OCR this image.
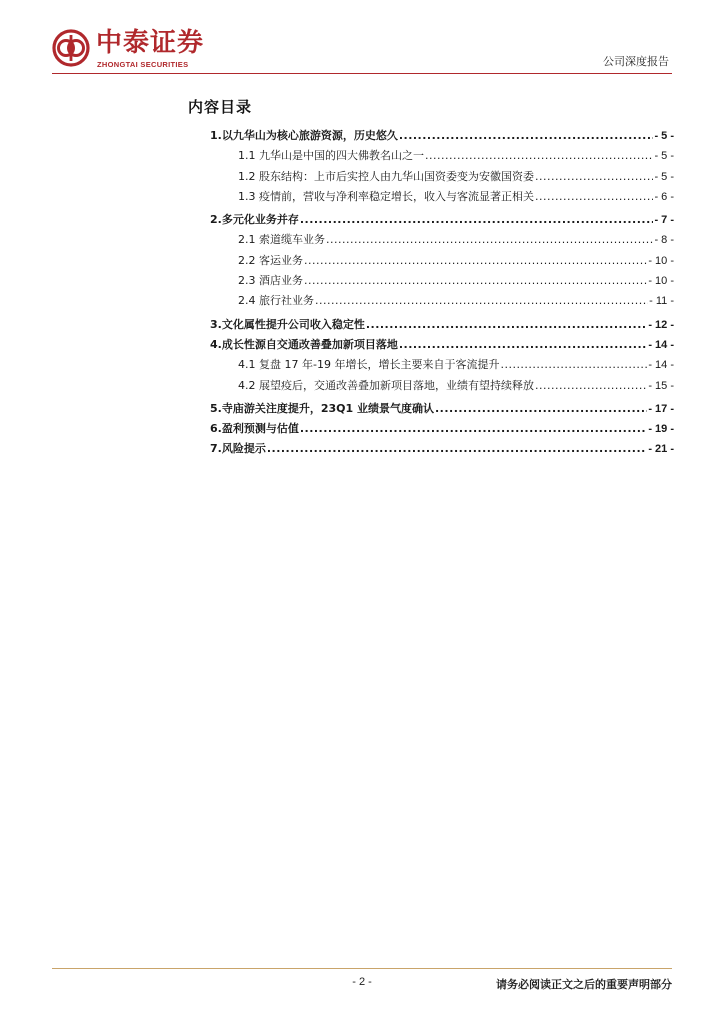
中泰证券
ZHONGTAI SECURITIES	公司深度报告
内容目录
1.以九华山为核心旅游资源，历史悠久 .....	- 5 -
1.1 九华山是中国的四大佛教名山之一 .....	- 5 -
1.2 股东结构：上市后实控人由九华山国资委变为安徽国资委 .....	- 5 -
1.3 疫情前，营收与净利率稳定增长，收入与客流显著正相关 .....	- 6 -
2.多元化业务并存 .....	- 7 -
2.1 索道缆车业务 .....	- 8 -
2.2 客运业务 .....	- 10 -
2.3 酒店业务 .....	- 10 -
2.4 旅行社业务 .....	- 11 -
3.文化属性提升公司收入稳定性 .....	- 12 -
4.成长性源自交通改善叠加新项目落地 .....	- 14 -
4.1 复盘 17 年-19 年增长，增长主要来自于客流提升 .....	- 14 -
4.2 展望疫后，交通改善叠加新项目落地，业绩有望持续释放 .....	- 15 -
5.寺庙游关注度提升，23Q1 业绩景气度确认 .....	- 17 -
6.盈利预测与估值 .....	- 19 -
7.风险提示 .....	- 21 -
- 2 -	请务必阅读正文之后的重要声明部分
